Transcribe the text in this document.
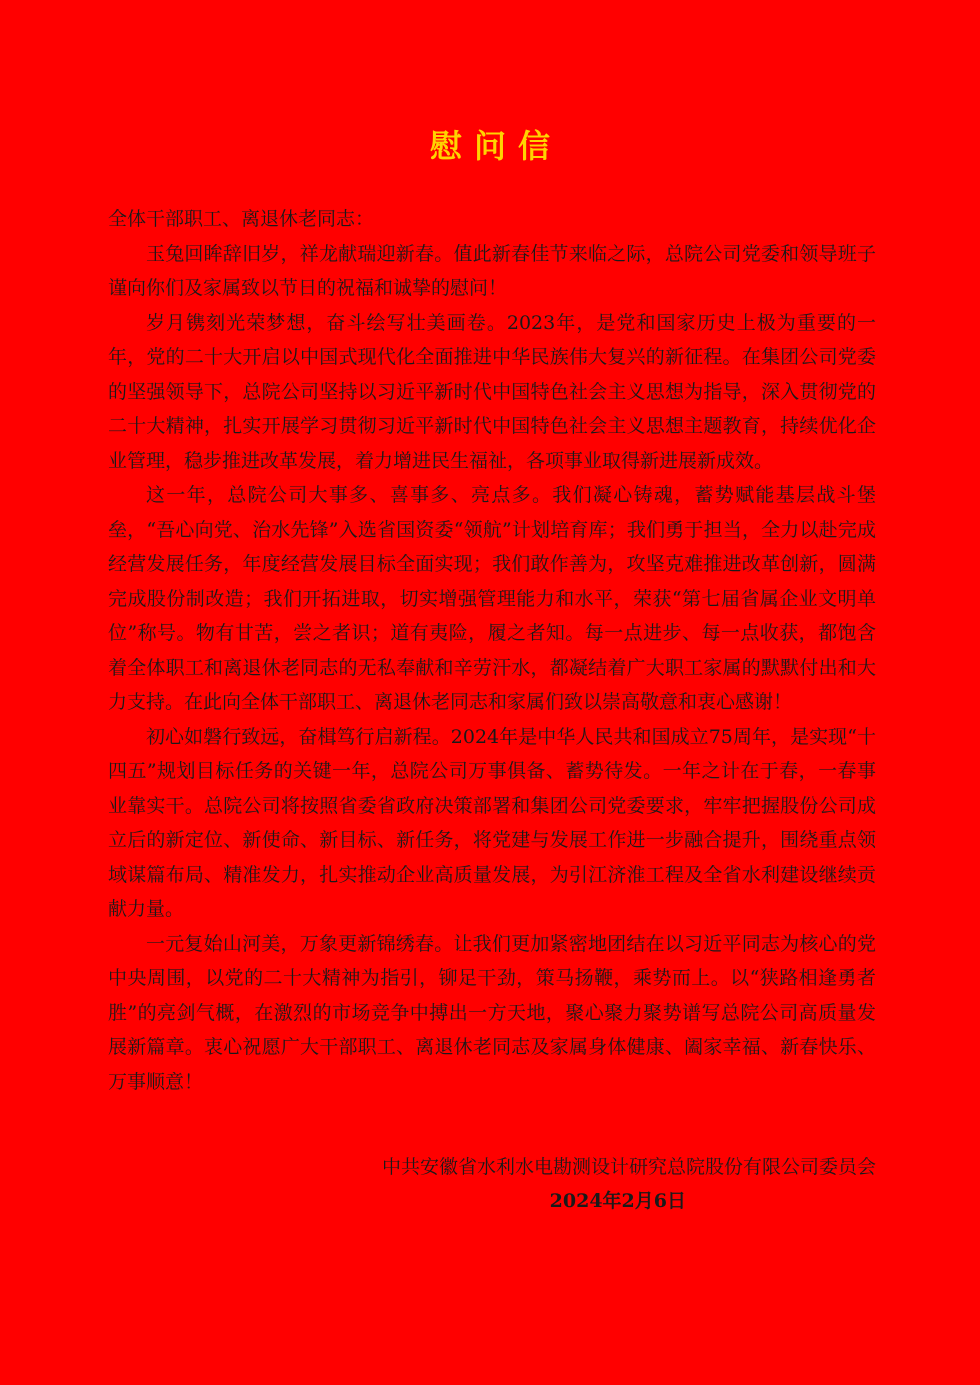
慰问信

全体干部职工、离退休老同志：

玉兔回眸辞旧岁，祥龙献瑞迎新春。值此新春佳节来临之际，总院公司党委和领导班子谨向你们及家属致以节日的祝福和诚挚的慰问！

岁月镌刻光荣梦想，奋斗绘写壮美画卷。2023年，是党和国家历史上极为重要的一年，党的二十大开启以中国式现代化全面推进中华民族伟大复兴的新征程。在集团公司党委的坚强领导下，总院公司坚持以习近平新时代中国特色社会主义思想为指导，深入贯彻党的二十大精神，扎实开展学习贯彻习近平新时代中国特色社会主义思想主题教育，持续优化企业管理，稳步推进改革发展，着力增进民生福祉，各项事业取得新进展新成效。

这一年，总院公司大事多、喜事多、亮点多。我们凝心铸魂，蓄势赋能基层战斗堡垒，“吾心向党、治水先锋”入选省国资委“领航”计划培育库；我们勇于担当，全力以赴完成经营发展任务，年度经营发展目标全面实现；我们敢作善为，攻坚克难推进改革创新，圆满完成股份制改造；我们开拓进取，切实增强管理能力和水平，荣获“第七届省属企业文明单位”称号。物有甘苦，尝之者识；道有夷险，履之者知。每一点进步、每一点收获，都饱含着全体职工和离退休老同志的无私奉献和辛劳汗水，都凝结着广大职工家属的默默付出和大力支持。在此向全体干部职工、离退休老同志和家属们致以崇高敬意和衷心感谢！

初心如磐行致远，奋楫笃行启新程。2024年是中华人民共和国成立75周年，是实现“十四五”规划目标任务的关键一年，总院公司万事俱备、蓄势待发。一年之计在于春，一春事业靠实干。总院公司将按照省委省政府决策部署和集团公司党委要求，牢牢把握股份公司成立后的新定位、新使命、新目标、新任务，将党建与发展工作进一步融合提升，围绕重点领域谋篇布局、精准发力，扎实推动企业高质量发展，为引江济淮工程及全省水利建设继续贡献力量。

一元复始山河美，万象更新锦绣春。让我们更加紧密地团结在以习近平同志为核心的党中央周围，以党的二十大精神为指引，铆足干劲，策马扬鞭，乘势而上。以“狭路相逢勇者胜”的亮剑气概，在激烈的市场竞争中搏出一方天地，聚心聚力聚势谱写总院公司高质量发展新篇章。衷心祝愿广大干部职工、离退休老同志及家属身体健康、阖家幸福、新春快乐、万事顺意！

中共安徽省水利水电勘测设计研究总院股份有限公司委员会
2024年2月6日
